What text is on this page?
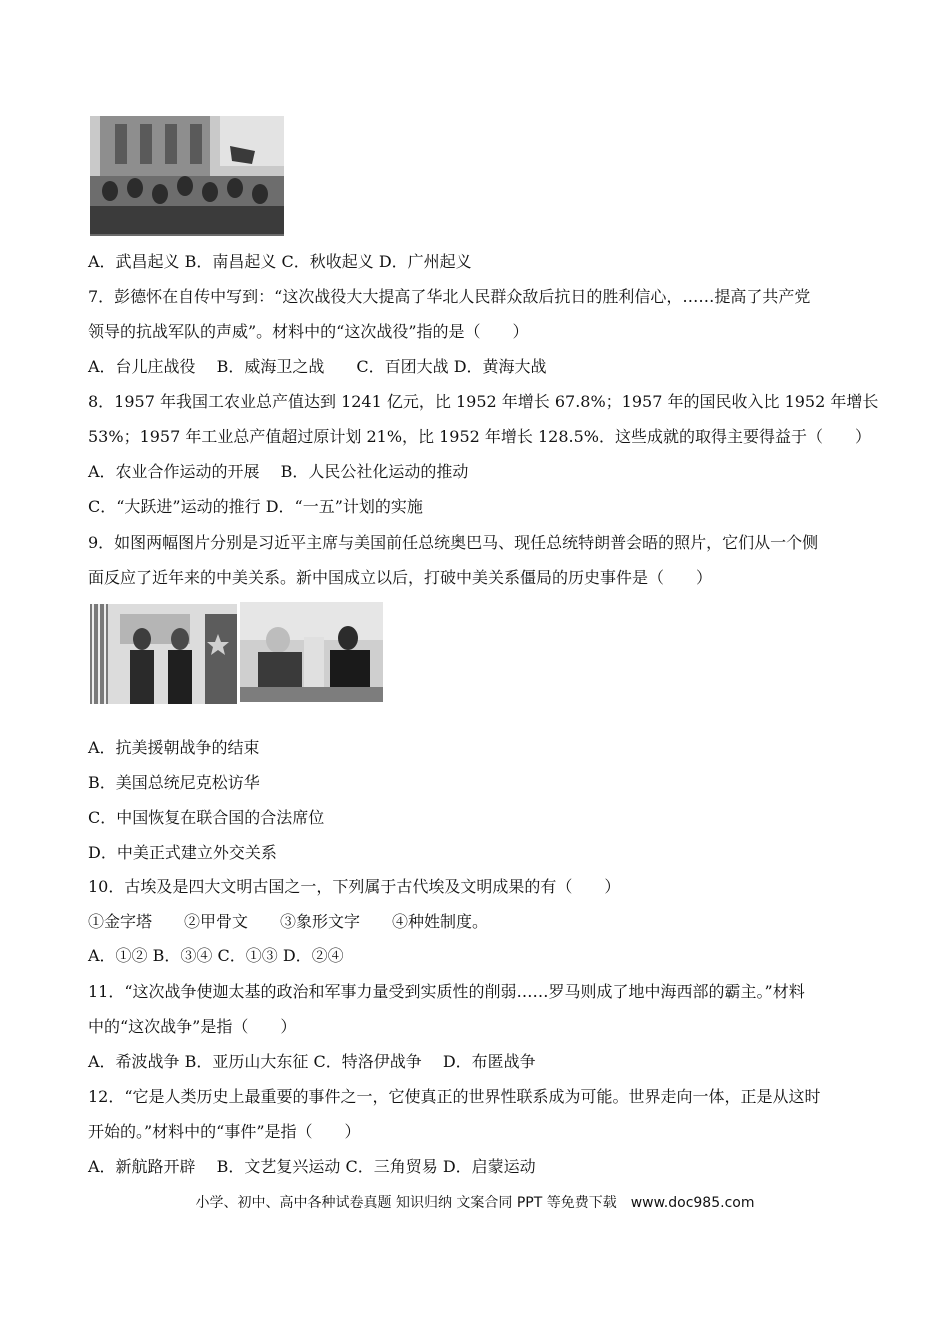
A．武昌起义 B．南昌起义 C．秋收起义 D．广州起义
7．彭德怀在自传中写到：“这次战役大大提高了华北人民群众敌后抗日的胜利信心，……提高了共产党
领导的抗战军队的声威”。材料中的“这次战役”指的是（　　）
A．台儿庄战役　 B．威海卫之战　　C．百团大战 D．黄海大战
8．1957 年我国工农业总产值达到 1241 亿元，比 1952 年增长 67.8%；1957 年的国民收入比 1952 年增长
53%；1957 年工业总产值超过原计划 21%，比 1952 年增长 128.5%．这些成就的取得主要得益于（　　）
A．农业合作运动的开展　 B．人民公社化运动的推动
C．“大跃进”运动的推行 D．“一五”计划的实施
9．如图两幅图片分别是习近平主席与美国前任总统奥巴马、现任总统特朗普会晤的照片，它们从一个侧
面反应了近年来的中美关系。新中国成立以后，打破中美关系僵局的历史事件是（　　）
A．抗美援朝战争的结束
B．美国总统尼克松访华
C．中国恢复在联合国的合法席位
D．中美正式建立外交关系
10．古埃及是四大文明古国之一，下列属于古代埃及文明成果的有（　　）
①金字塔　　②甲骨文　　③象形文字　　④种姓制度。
A．①② B．③④ C．①③ D．②④
11．“这次战争使迦太基的政治和军事力量受到实质性的削弱……罗马则成了地中海西部的霸主。”材料
中的“这次战争”是指（　　）
A．希波战争 B．亚历山大东征 C．特洛伊战争　 D．布匿战争
12．“它是人类历史上最重要的事件之一，它使真正的世界性联系成为可能。世界走向一体，正是从这时
开始的。”材料中的“事件”是指（　　）
A．新航路开辟　 B．文艺复兴运动 C．三角贸易 D．启蒙运动
小学、初中、高中各种试卷真题 知识归纳 文案合同 PPT 等免费下载　www.doc985.com
